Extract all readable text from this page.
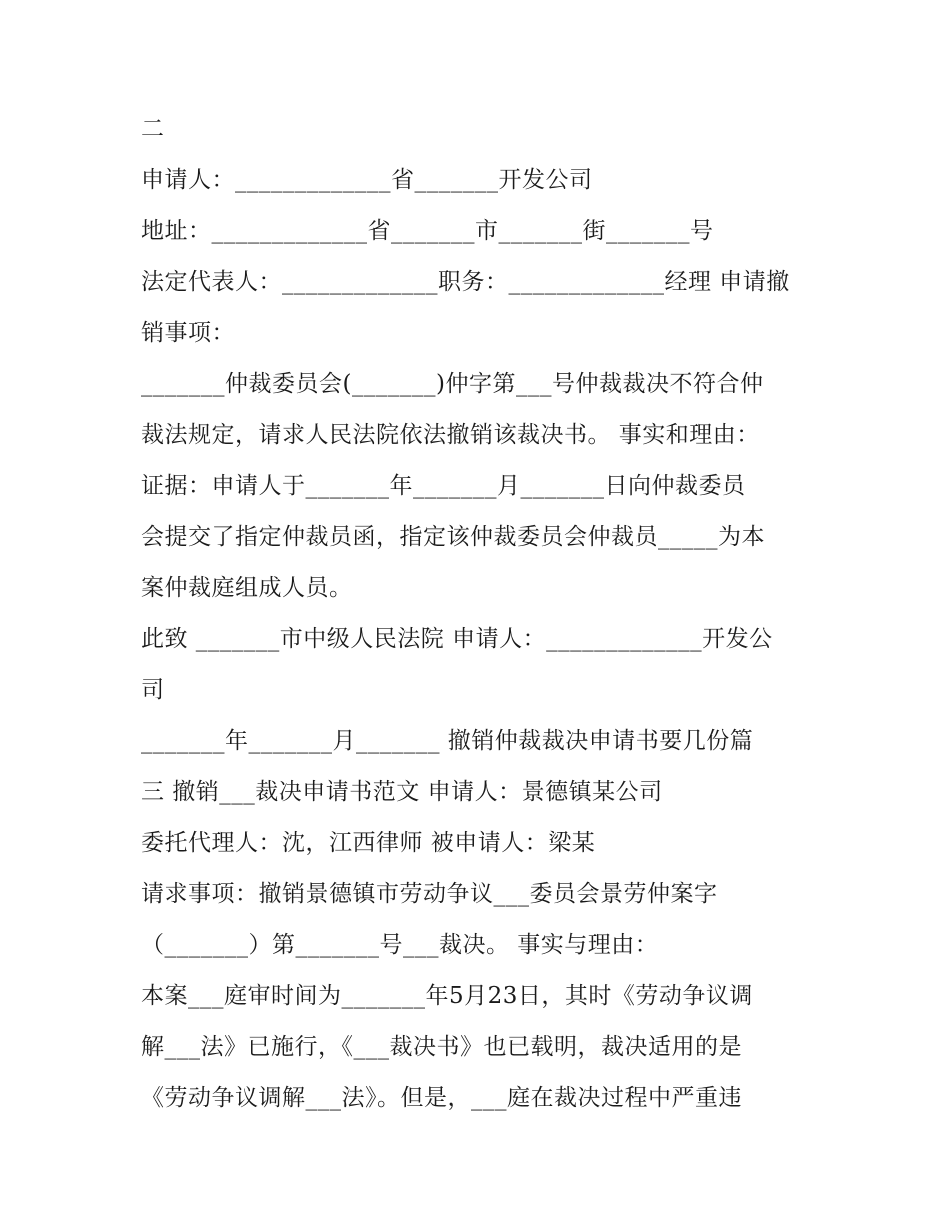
二
申请人：_____________省_______开发公司
地址：_____________省_______市_______街_______号
法定代表人：_____________职务：_____________经理 申请撤
销事项：
_______仲裁委员会(_______)仲字第___号仲裁裁决不符合仲
裁法规定，请求人民法院依法撤销该裁决书。 事实和理由：
证据：申请人于_______年_______月_______日向仲裁委员
会提交了指定仲裁员函，指定该仲裁委员会仲裁员_____为本
案仲裁庭组成人员。
此致 _______市中级人民法院 申请人：_____________开发公
司
_______年_______月_______ 撤销仲裁裁决申请书要几份篇
三 撤销___裁决申请书范文 申请人：景德镇某公司
委托代理人：沈，江西律师 被申请人：梁某
请求事项：撤销景德镇市劳动争议___委员会景劳仲案字
（_______）第_______号___裁决。 事实与理由：
本案___庭审时间为_______年5月23日，其时《劳动争议调
解___法》已施行，《___裁决书》也已载明，裁决适用的是
《劳动争议调解___法》。但是，___庭在裁决过程中严重违
